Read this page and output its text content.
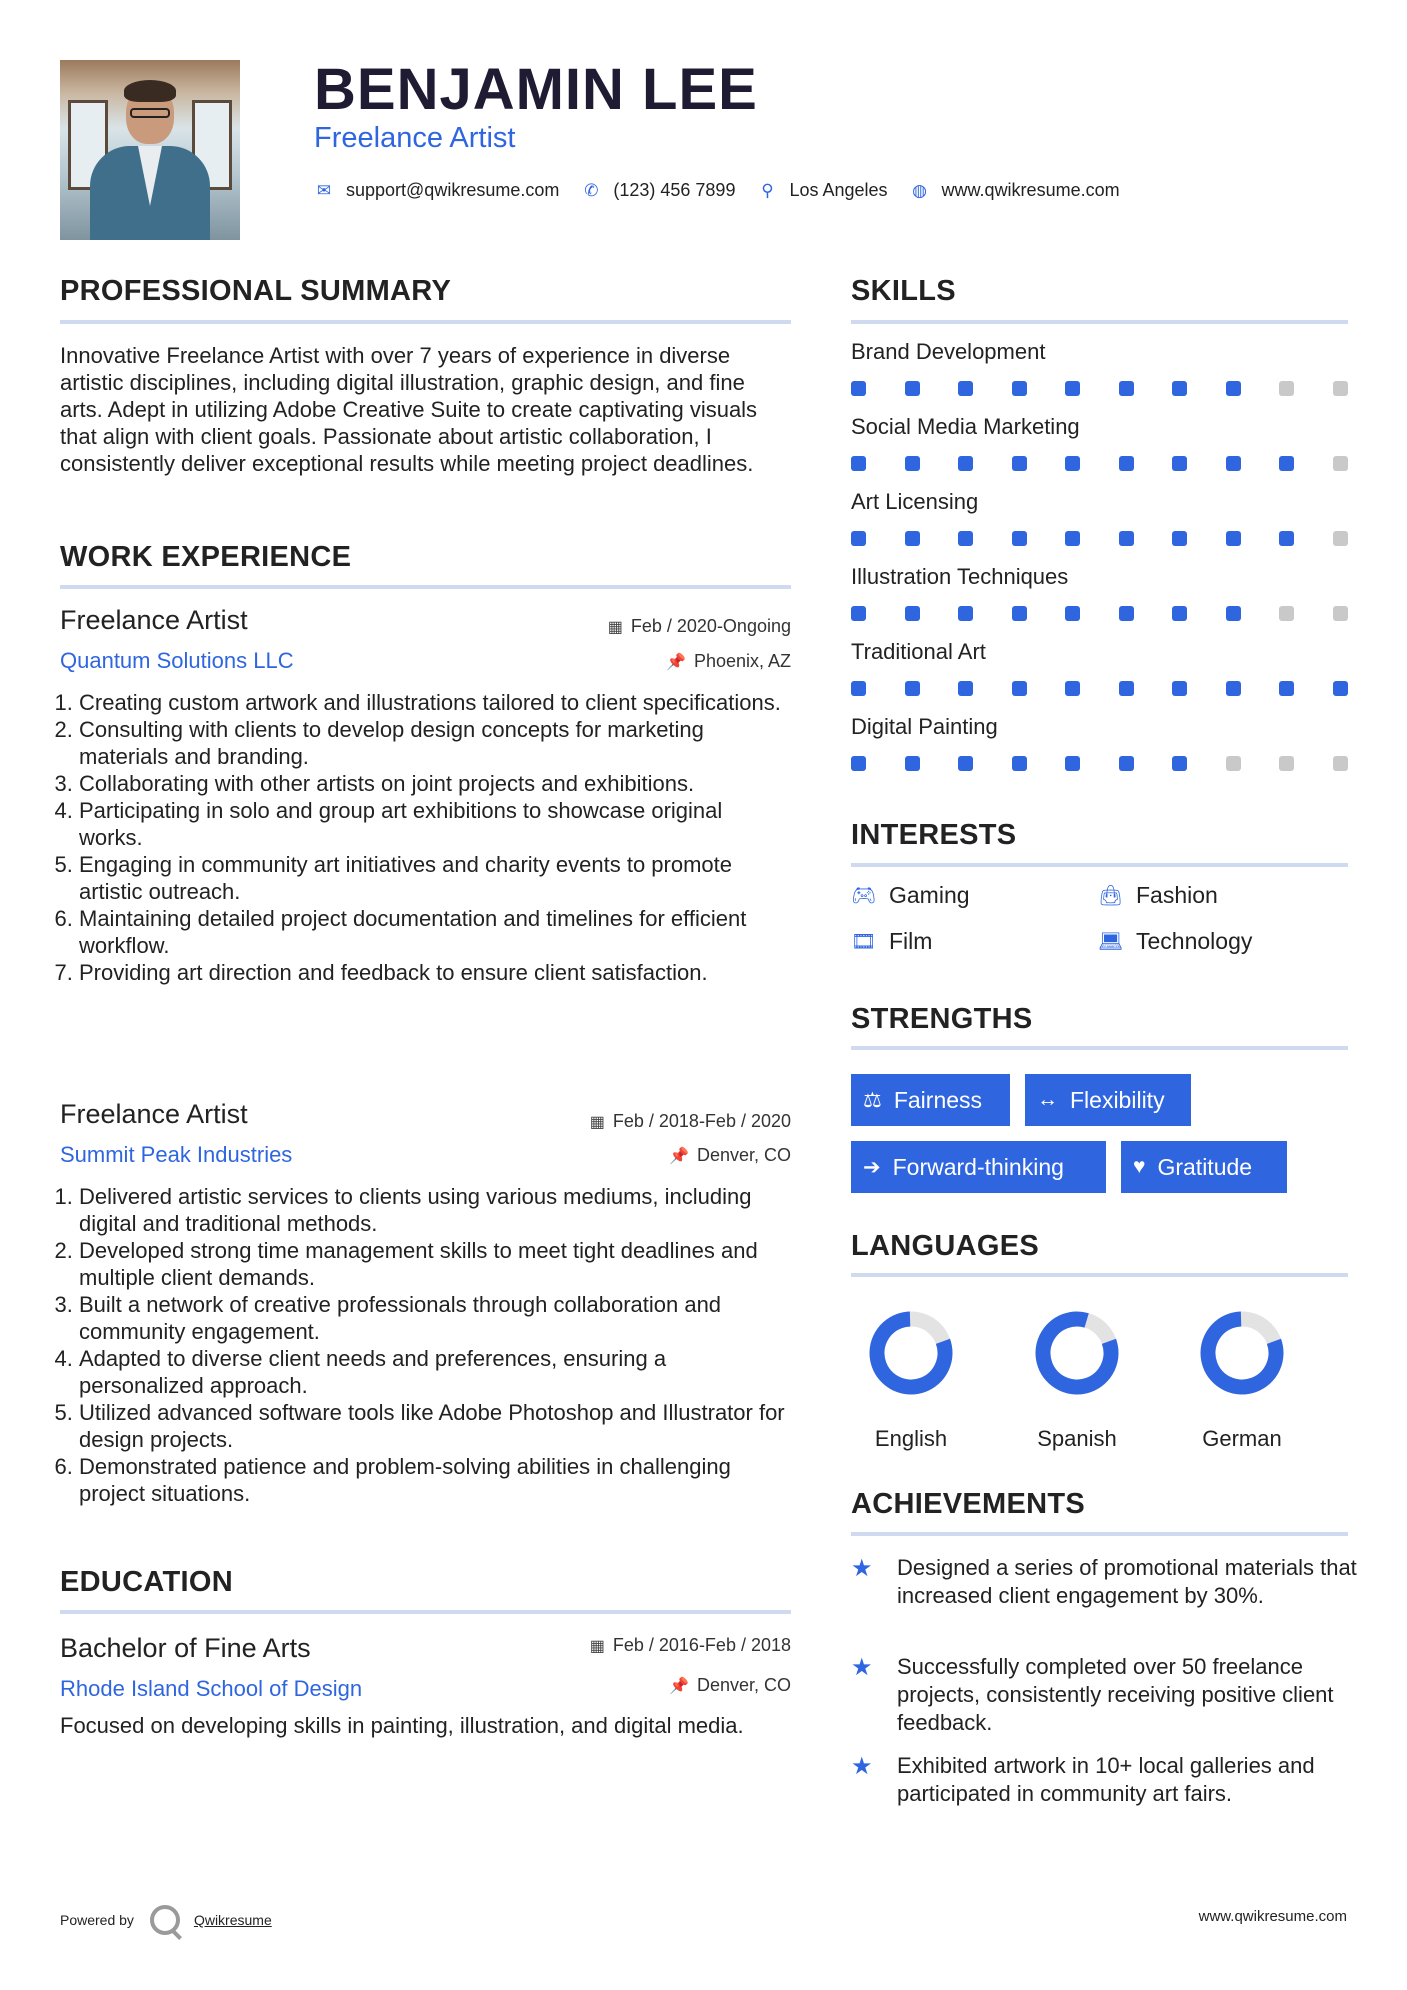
BENJAMIN LEE
Freelance Artist
✉ support@qwikresume.com ✆ (123) 456 7899 ⚲ Los Angeles ◍ www.qwikresume.com
PROFESSIONAL SUMMARY
Innovative Freelance Artist with over 7 years of experience in diverse artistic disciplines, including digital illustration, graphic design, and fine arts. Adept in utilizing Adobe Creative Suite to create captivating visuals that align with client goals. Passionate about artistic collaboration, I consistently deliver exceptional results while meeting project deadlines.
WORK EXPERIENCE
Freelance Artist	▦ Feb / 2020-Ongoing
Quantum Solutions LLC	📌 Phoenix, AZ
1. Creating custom artwork and illustrations tailored to client specifications.
2. Consulting with clients to develop design concepts for marketing materials and branding.
3. Collaborating with other artists on joint projects and exhibitions.
4. Participating in solo and group art exhibitions to showcase original works.
5. Engaging in community art initiatives and charity events to promote artistic outreach.
6. Maintaining detailed project documentation and timelines for efficient workflow.
7. Providing art direction and feedback to ensure client satisfaction.
Freelance Artist	▦ Feb / 2018-Feb / 2020
Summit Peak Industries	📌 Denver, CO
1. Delivered artistic services to clients using various mediums, including digital and traditional methods.
2. Developed strong time management skills to meet tight deadlines and multiple client demands.
3. Built a network of creative professionals through collaboration and community engagement.
4. Adapted to diverse client needs and preferences, ensuring a personalized approach.
5. Utilized advanced software tools like Adobe Photoshop and Illustrator for design projects.
6. Demonstrated patience and problem-solving abilities in challenging project situations.
EDUCATION
Bachelor of Fine Arts	▦ Feb / 2016-Feb / 2018
Rhode Island School of Design	📌 Denver, CO
Focused on developing skills in painting, illustration, and digital media.
SKILLS
Brand Development
Social Media Marketing
Art Licensing
Illustration Techniques
Traditional Art
Digital Painting
INTERESTS
🎮︎ Gaming	👜︎ Fashion
🎞︎ Film	💻︎ Technology
STRENGTHS
⚖ Fairness	↔ Flexibility
➔ Forward-thinking	♥ Gratitude
LANGUAGES
English	Spanish	German
ACHIEVEMENTS
★	Designed a series of promotional materials that increased client engagement by 30%.
★	Successfully completed over 50 freelance projects, consistently receiving positive client feedback.
★	Exhibited artwork in 10+ local galleries and participated in community art fairs.
Powered by	Qwikresume	www.qwikresume.com
